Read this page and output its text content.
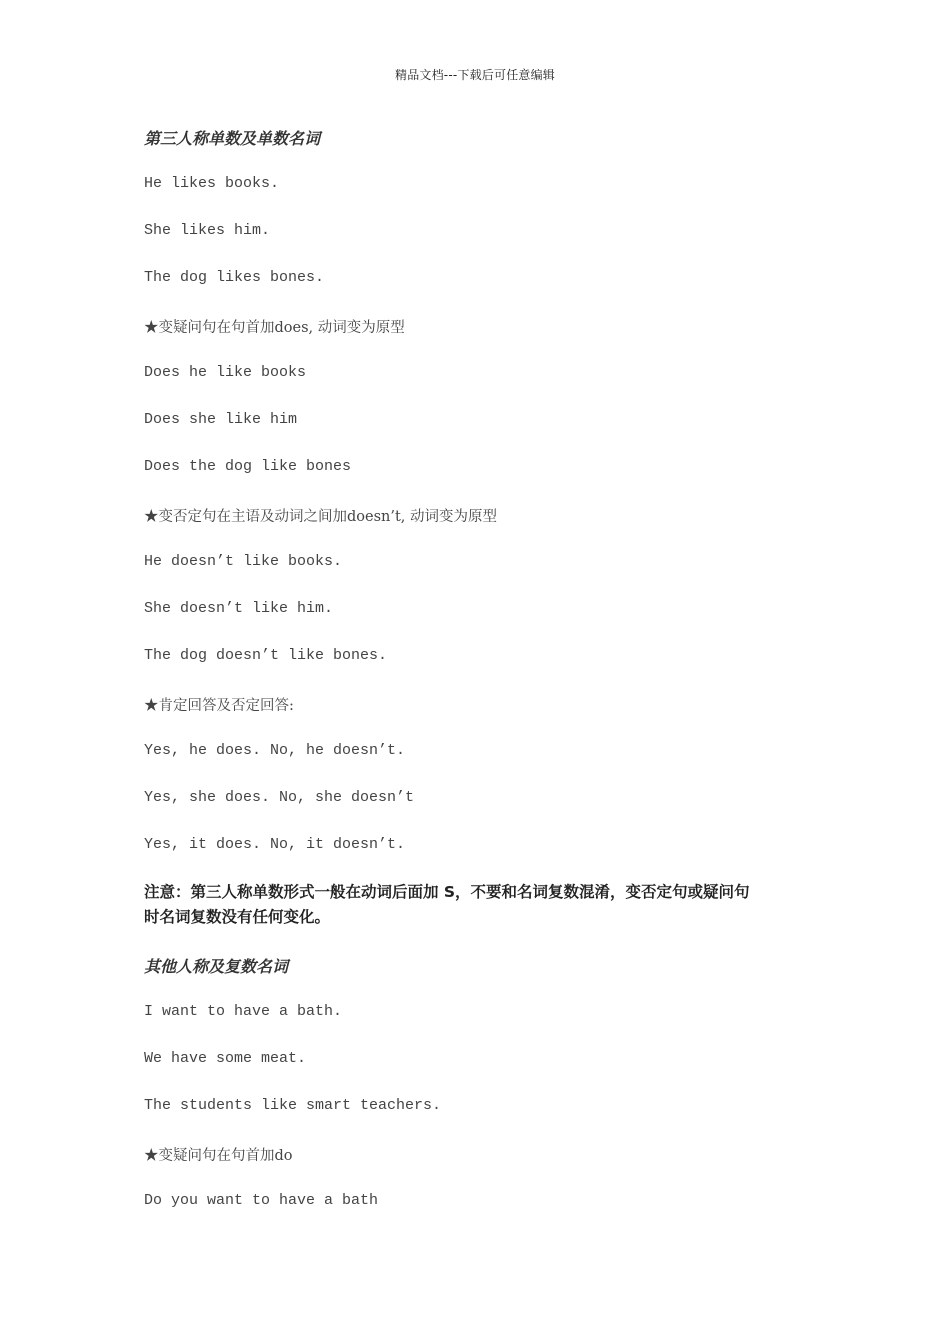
精品文档---下载后可任意编辑
第三人称单数及单数名词
He likes books.
She likes him.
The dog likes bones.
★变疑问句在句首加does, 动词变为原型
Does he like books
Does she like him
Does the dog like bones
★变否定句在主语及动词之间加doesn’t, 动词变为原型
He doesn’t like books.
She doesn’t like him.
The dog doesn’t like bones.
★肯定回答及否定回答:
Yes, he does. No, he doesn’t.
Yes, she does. No, she doesn’t
Yes, it does. No, it doesn’t.
注意：第三人称单数形式一般在动词后面加 S，不要和名词复数混淆，变否定句或疑问句
时名词复数没有任何变化。
其他人称及复数名词
I want to have a bath.
We have some meat.
The students like smart teachers.
★变疑问句在句首加do
Do you want to have a bath
